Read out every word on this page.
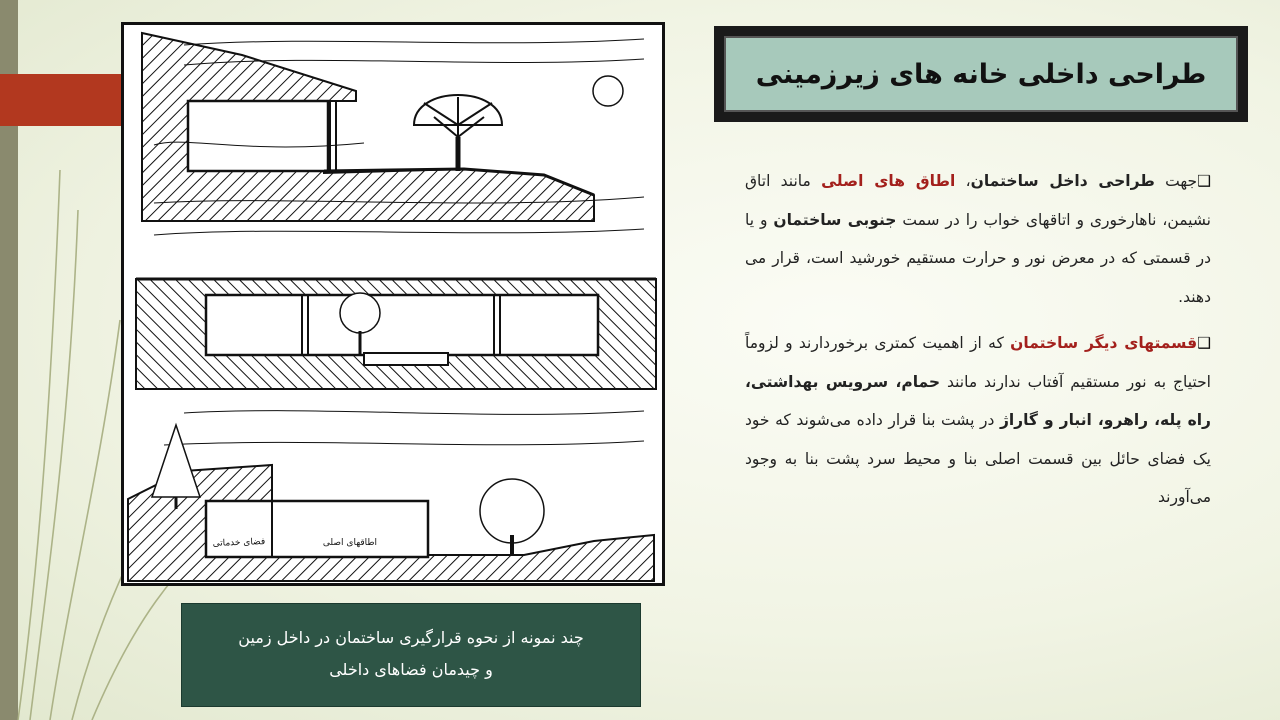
فضای خدماتی	اطاقهای اصلی
چند نمونه از نحوه قرارگیری ساختمان در داخل زمین
و چیدمان فضاهای داخلی
طراحی داخلی خانه های زیرزمینی

❑جهت طراحی داخل ساختمان، اطاق های اصلی مانند اتاق نشیمن، ناهارخوری و اتاقهای خواب را در سمت جنوبی ساختمان و یا در قسمتی که در معرض نور و حرارت مستقیم خورشید است، قرار می دهند.

❑قسمتهای دیگر ساختمان که از اهمیت کمتری برخوردارند و لزوماً احتیاج به نور مستقیم آفتاب ندارند مانند حمام، سرویس بهداشتی، راه پله، راهرو، انبار و گاراژ در پشت بنا قرار داده می‌شوند که خود یک فضای حائل بین قسمت اصلی بنا و محیط سرد پشت بنا به وجود می‌آورند
